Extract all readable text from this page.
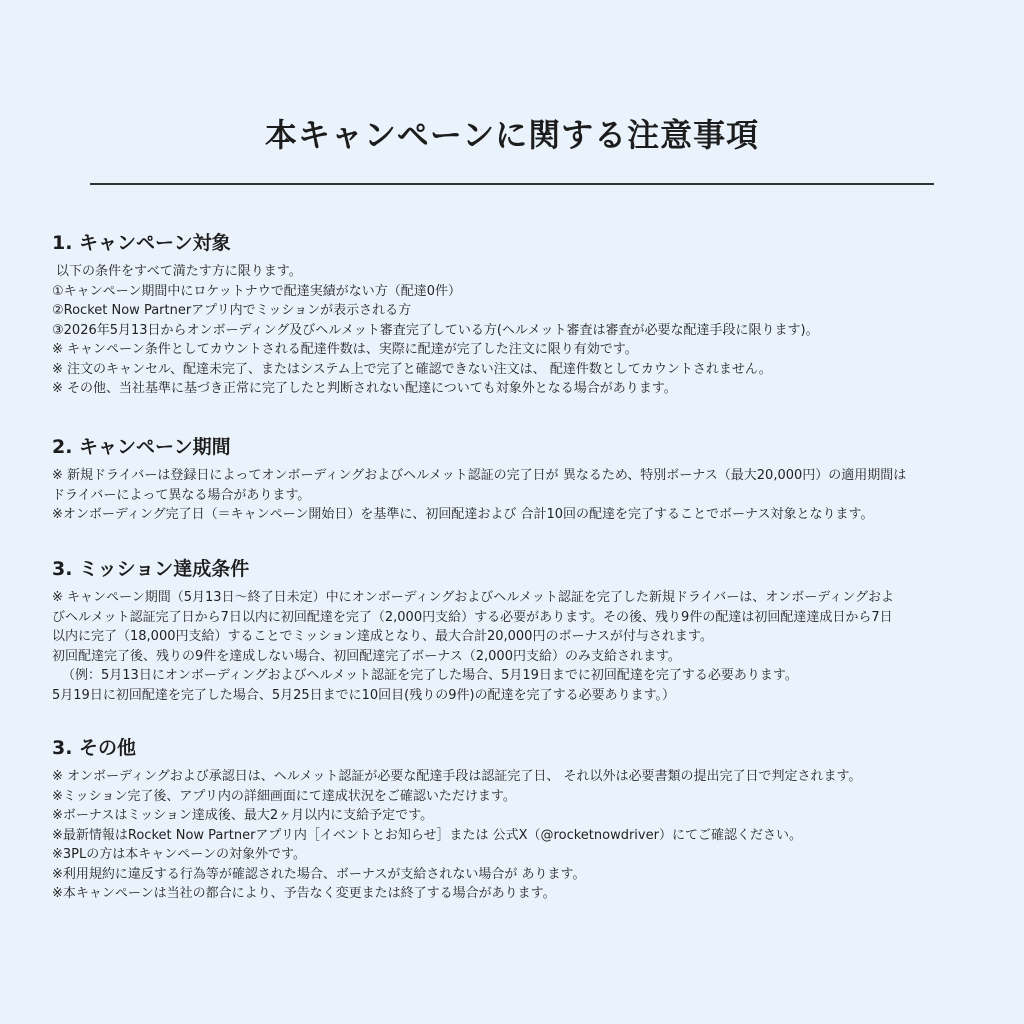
本キャンペーンに関する注意事項
1. キャンペーン対象

以下の条件をすべて満たす方に限ります。

①キャンペーン期間中にロケットナウで配達実績がない方（配達0件）

②Rocket Now Partnerアプリ内でミッションが表示される方

③2026年5月13日からオンボーディング及びヘルメット審査完了している方(ヘルメット審査は審査が必要な配達手段に限ります)。

※ キャンペーン条件としてカウントされる配達件数は、実際に配達が完了した注文に限り有効です。

※ 注文のキャンセル、配達未完了、またはシステム上で完了と確認できない注文は、 配達件数としてカウントされません。

※ その他、当社基準に基づき正常に完了したと判断されない配達についても対象外となる場合があります。

2. キャンペーン期間

※ 新規ドライバーは登録日によってオンボーディングおよびヘルメット認証の完了日が 異なるため、特別ボーナス（最大20,000円）の適用期間は

ドライバーによって異なる場合があります。

※オンボーディング完了日（＝キャンペーン開始日）を基準に、初回配達および 合計10回の配達を完了することでボーナス対象となります。

3. ミッション達成条件

※ キャンペーン期間（5月13日〜終了日未定）中にオンボーディングおよびヘルメット認証を完了した新規ドライバーは、オンボーディングおよ

びヘルメット認証完了日から7日以内に初回配達を完了（2,000円支給）する必要があります。その後、残り9件の配達は初回配達達成日から7日

以内に完了（18,000円支給）することでミッション達成となり、最大合計20,000円のボーナスが付与されます。

初回配達完了後、残りの9件を達成しない場合、初回配達完了ボーナス（2,000円支給）のみ支給されます。

（例：5月13日にオンボーディングおよびヘルメット認証を完了した場合、5月19日までに初回配達を完了する必要あります。

5月19日に初回配達を完了した場合、5月25日までに10回目(残りの9件)の配達を完了する必要あります。）

3. その他

※ オンボーディングおよび承認日は、ヘルメット認証が必要な配達手段は認証完了日、 それ以外は必要書類の提出完了日で判定されます。

※ミッション完了後、アプリ内の詳細画面にて達成状況をご確認いただけます。

※ボーナスはミッション達成後、最大2ヶ月以内に支給予定です。

※最新情報はRocket Now Partnerアプリ内［イベントとお知らせ］または 公式X（@rocketnowdriver）にてご確認ください。

※3PLの方は本キャンペーンの対象外です。

※利用規約に違反する行為等が確認された場合、ボーナスが支給されない場合が あります。

※本キャンペーンは当社の都合により、予告なく変更または終了する場合があります。
